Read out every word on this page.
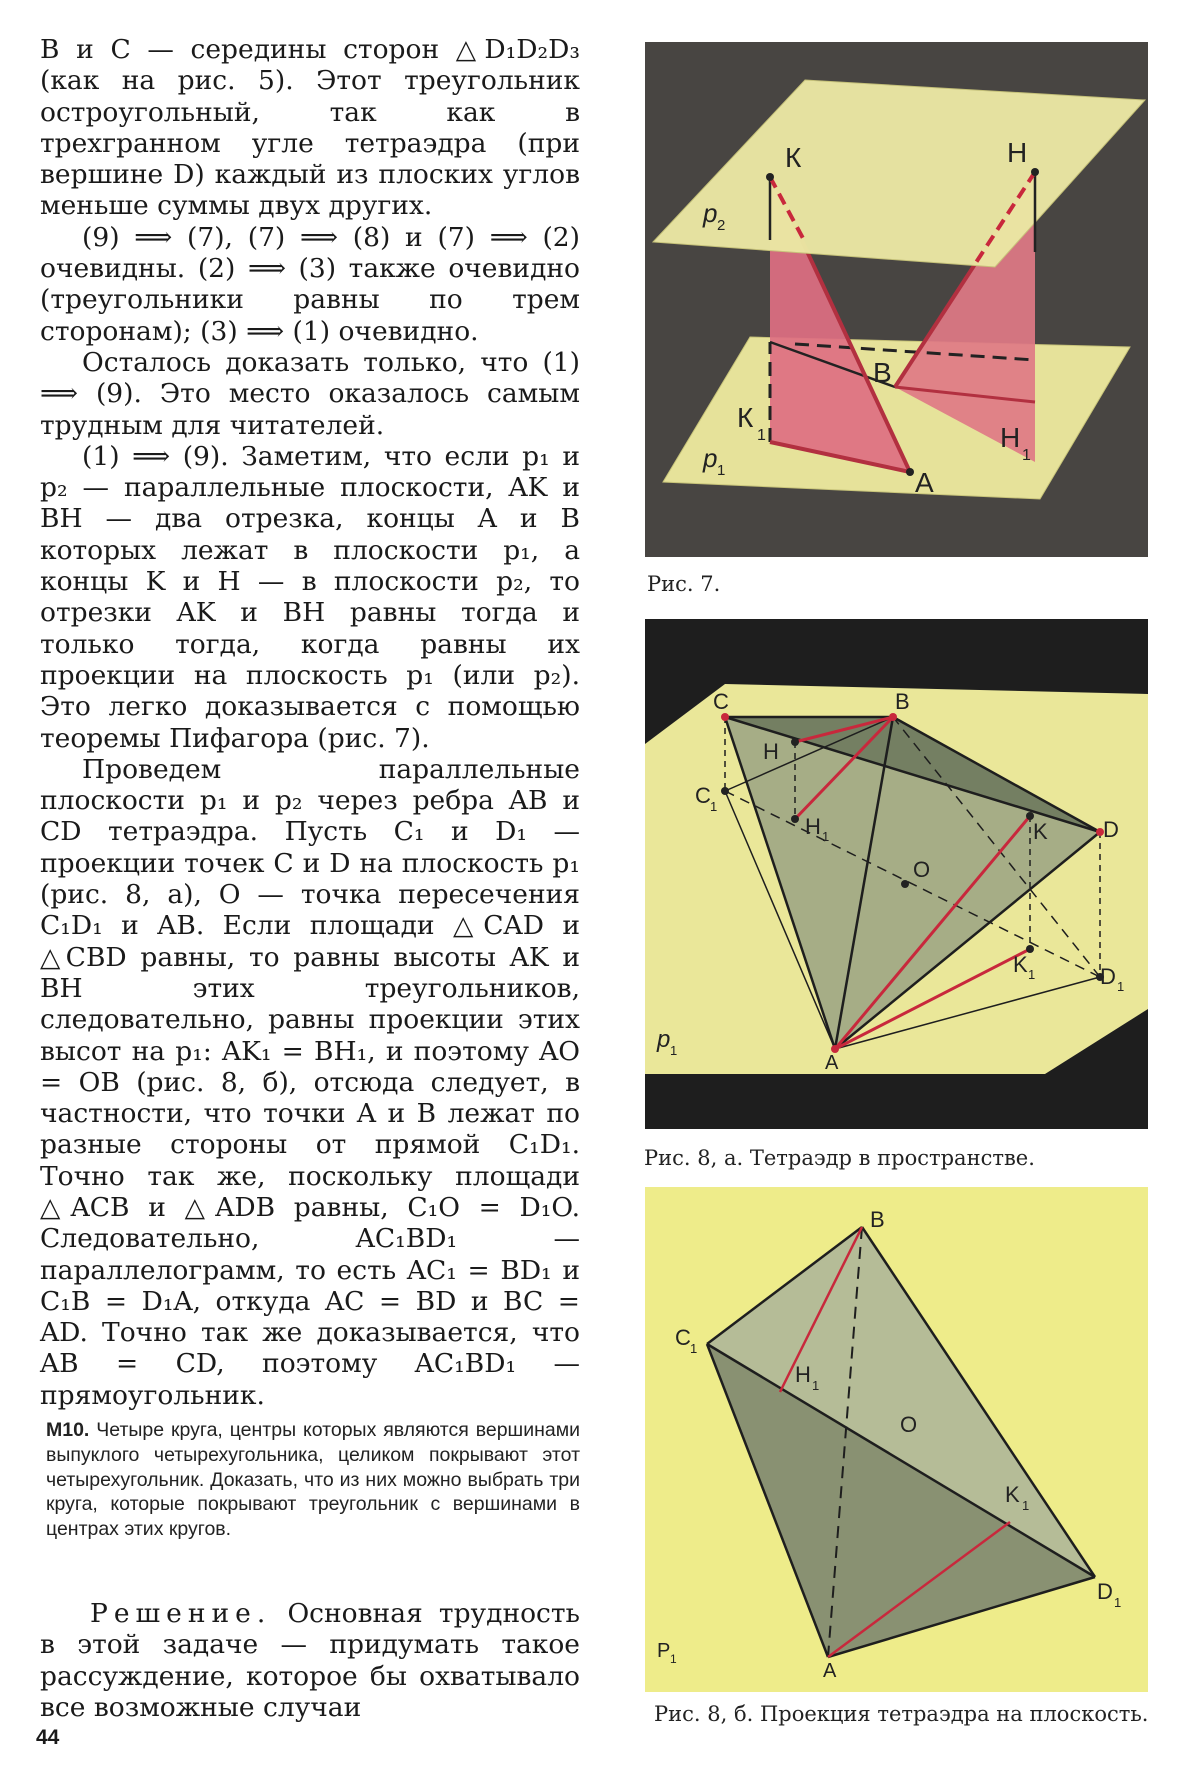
B и C — середины сторон △D₁D₂D₃ (как на рис. 5). Этот треугольник остроугольный, так как в трехгранном угле тетраэдра (при вершине D) каждый из плоских углов меньше суммы двух других.

(9) ⟹ (7), (7) ⟹ (8) и (7) ⟹ (2) очевидны. (2) ⟹ (3) также очевидно (треугольники равны по трем сторонам); (3) ⟹ (1) очевидно.

Осталось доказать только, что (1) ⟹ (9). Это место оказалось самым трудным для читателей.

(1) ⟹ (9). Заметим, что если p₁ и p₂ — параллельные плоскости, AK и BH — два отрезка, концы A и B которых лежат в плоскости p₁, а концы K и H — в плоскости p₂, то отрезки AK и BH равны тогда и только тогда, когда равны их проекции на плоскость p₁ (или p₂). Это легко доказывается с помощью теоремы Пифагора (рис. 7).

Проведем параллельные плоскости p₁ и p₂ через ребра AB и CD тетраэдра. Пусть C₁ и D₁ — проекции точек C и D на плоскость p₁ (рис. 8, а), O — точка пересечения C₁D₁ и AB. Если площади △CAD и △CBD равны, то равны высоты AK и BH этих треугольников, следовательно, равны проекции этих высот на p₁: AK₁ = BH₁, и поэтому AO = OB (рис. 8, б), отсюда следует, в частности, что точки A и B лежат по разные стороны от прямой C₁D₁. Точно так же, поскольку площади △ACB и △ADB равны, C₁O = D₁O. Следовательно, AC₁BD₁ — параллелограмм, то есть AC₁ = BD₁ и C₁B = D₁A, откуда AC = BD и BC = AD. Точно так же доказывается, что AB = CD, поэтому AC₁BD₁ — прямоугольник.

М10. Четыре круга, центры которых являются вершинами выпуклого четырехугольника, целиком покрывают этот четырехугольник. Доказать, что из них можно выбрать три круга, которые покрывают треугольник с вершинами в центрах этих кругов.
Решение. Основная трудность в этой задаче — придумать такое рассуждение, которое бы охватывало все возможные случаи
44
К	Н
К
1	Н
1
В
А
p 1
p 2
Рис. 7.
C	B
H
C 1
H 1	K	D
O
K 1	D 1
A
p 1
Рис. 8, а. Тетраэдр в пространстве.
B
C 1
H 1
O
K 1
D 1
A
P 1
Рис. 8, б. Проекция тетраэдра на плоскость.
